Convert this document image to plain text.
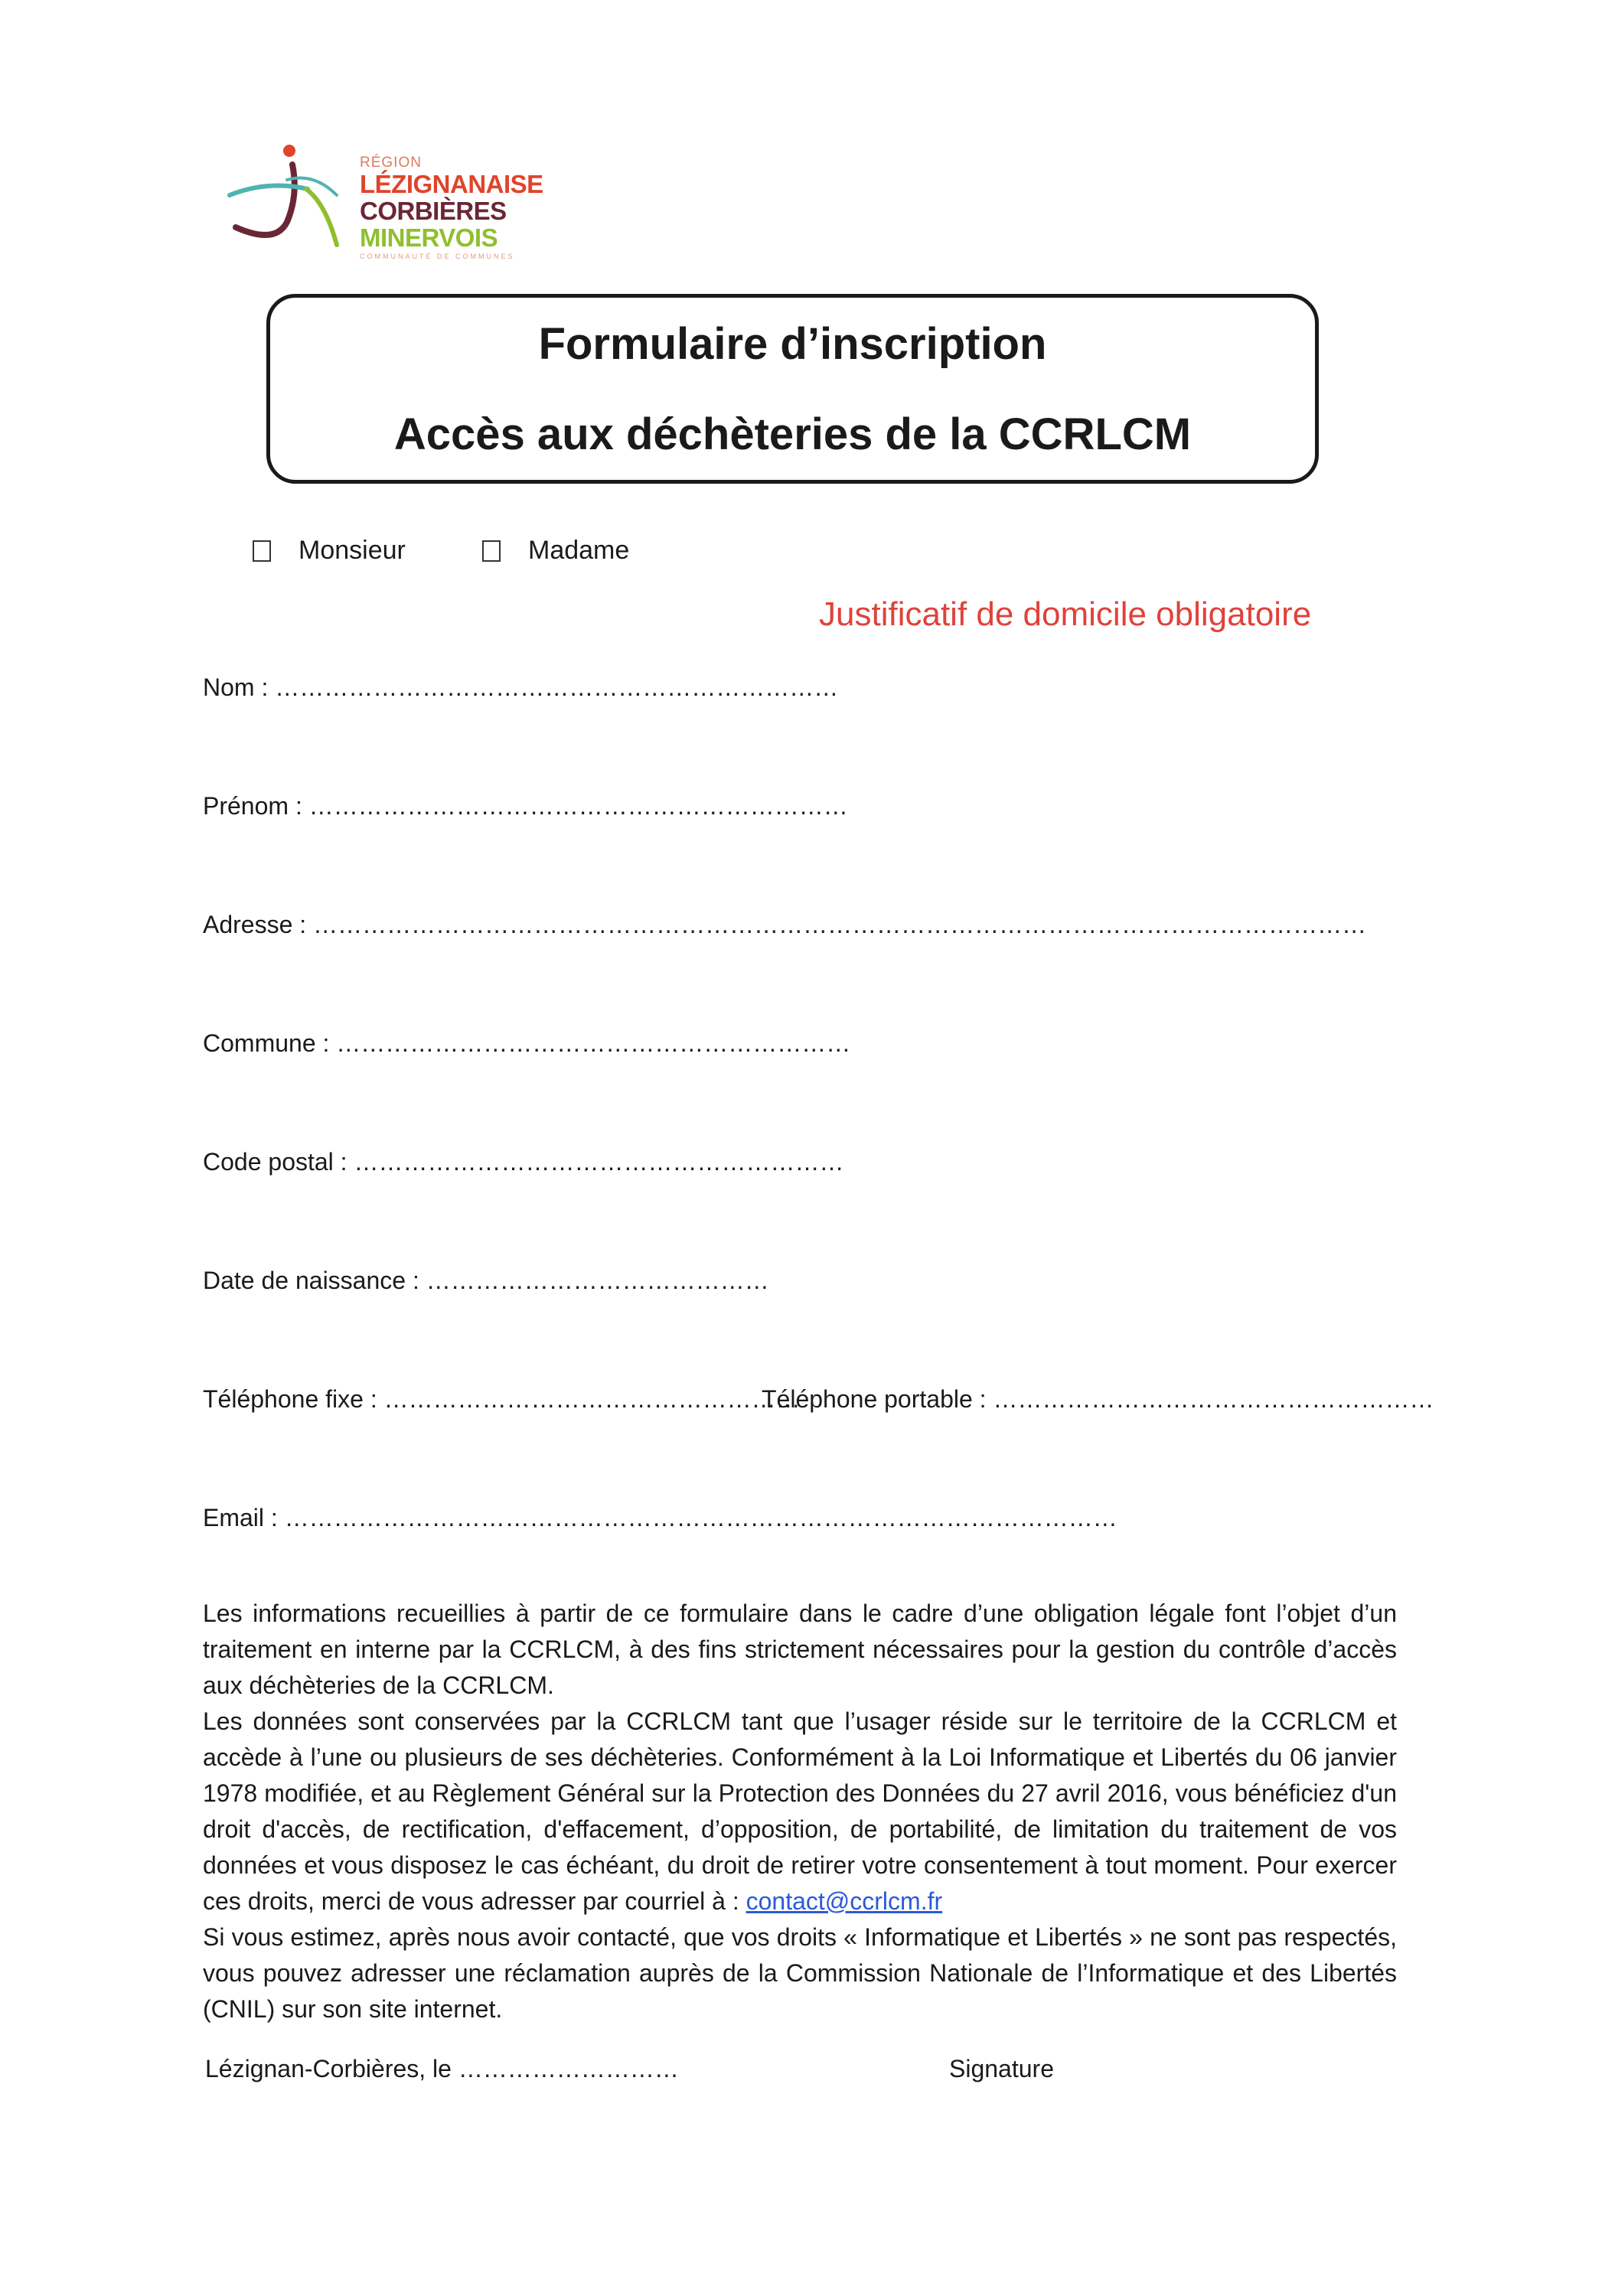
RÉGION
LÉZIGNANAISE
CORBIÈRES
MINERVOIS
COMMUNAUTÉ DE COMMUNES
Formulaire d’inscription
Accès aux déchèteries de la CCRLCM
Monsieur	Madame
Justificatif de domicile obligatoire
Nom : ……………………………………………………………
Prénom : …………………………………………………………
Adresse : …………………………………………………………………………………………………………………
Commune : ………………………………………………………
Code postal : ……………………………………………………
Date de naissance : ……………………………………
Téléphone fixe : ……………………………………………
Téléphone portable : ………………………………………………
Email : …………………………………………………………………………………………

Les informations recueillies à partir de ce formulaire dans le cadre d’une obligation légale font l’objet d’un traitement en interne par la CCRLCM, à des fins strictement nécessaires pour la gestion du contrôle d’accès aux déchèteries de la CCRLCM.

Les données sont conservées par la CCRLCM tant que l’usager réside sur le territoire de la CCRLCM et accède à l’une ou plusieurs de ses déchèteries. Conformément à la Loi Informatique et Libertés du 06 janvier 1978 modifiée, et au Règlement Général sur la Protection des Données du 27 avril 2016, vous bénéficiez d'un droit d'accès, de rectification, d'effacement, d’opposition, de portabilité, de limitation du traitement de vos données et vous disposez le cas échéant, du droit de retirer votre consentement à tout moment. Pour exercer ces droits, merci de vous adresser par courriel à : contact@ccrlcm.fr

Si vous estimez, après nous avoir contacté, que vos droits « Informatique et Libertés » ne sont pas respectés, vous pouvez adresser une réclamation auprès de la Commission Nationale de l’Informatique et des Libertés (CNIL) sur son site internet.

Lézignan-Corbières, le ………………………	Signature
